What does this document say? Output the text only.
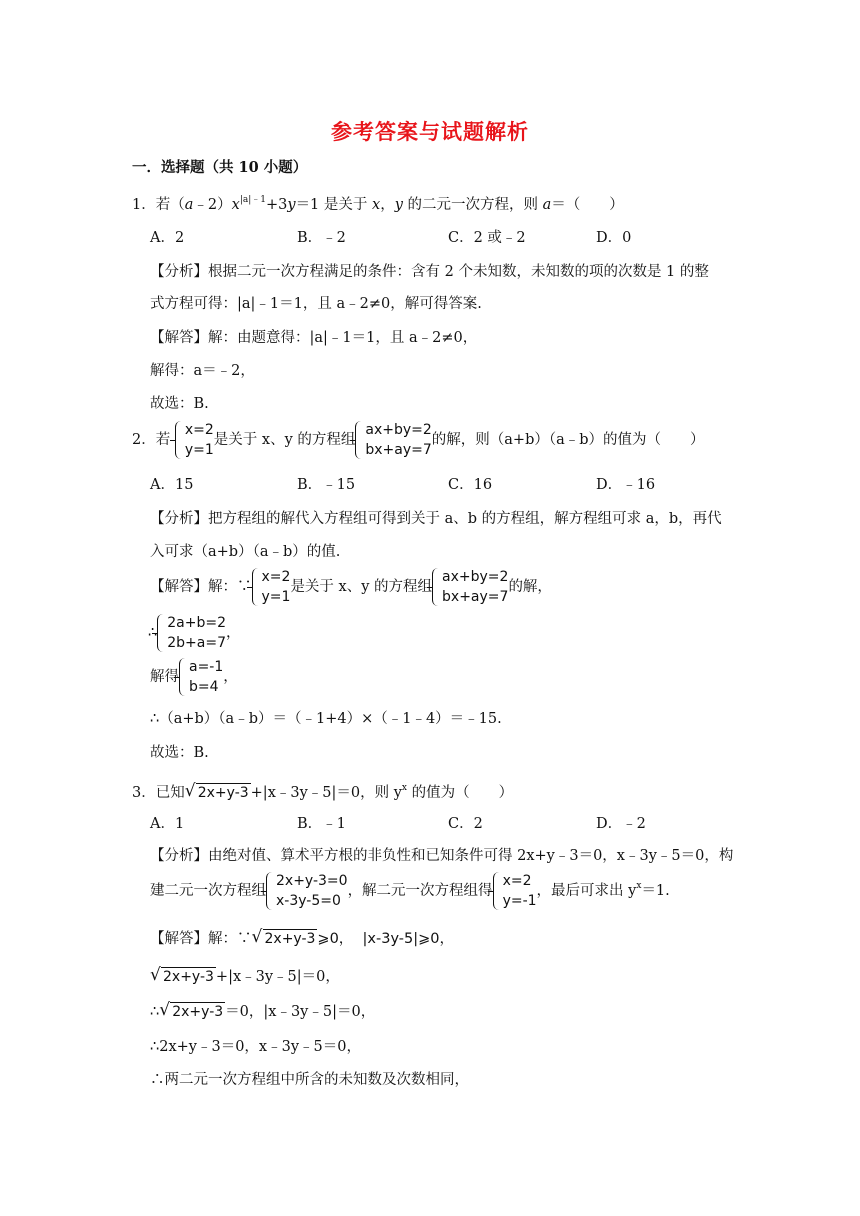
参考答案与试题解析
一．选择题（共 10 小题）
1．若$(a﹣2)x^{|a|﹣1}+3y=1$ 是关于 x，y 的二元一次方程，则 a＝（　　）
A．2	B．﹣2	C．2 或﹣2	D．0
【分析】根据二元一次方程满足的条件：含有 2 个未知数，未知数的项的次数是 1 的整
式方程可得：|a|﹣1＝1，且 a﹣2≠0，解可得答案.
【解答】解：由题意得：|a|﹣1＝1，且 a﹣2≠0，
解得：a＝﹣2，
故选：B.
2．若
x=2
y=1
是关于 x、y 的方程组
ax+by=2
bx+ay=7
的解，则（a+b）（a﹣b）的值为（　　）
A．15	B．﹣15	C．16	D．﹣16
【分析】把方程组的解代入方程组可得到关于 a、b 的方程组，解方程组可求 a，b，再代
入可求（a+b）（a﹣b）的值.
【解答】解：∵
x=2
y=1
是关于 x、y 的方程组
ax+by=2
bx+ay=7
的解，
∴
2a+b=2
2b+a=7
，
解得
a=-1
b=4
，
∴（a+b）（a﹣b）＝（﹣1+4）×（﹣1﹣4）＝﹣15.
故选：B.
3．已知 √ 2x+y-3 +|x﹣3y﹣5|＝0，则 $y^x$ 的值为（　　）
A．1	B．﹣1	C．2	D．﹣2
【分析】由绝对值、算术平方根的非负性和已知条件可得 2x+y﹣3＝0，x﹣3y﹣5＝0，构
建二元一次方程组
2x+y-3=0
x-3y-5=0
，解二元一次方程组得
x=2
y=-1
，最后可求出 $y^x=1$.
【解答】解：∵ √ 2x+y-3 ⩾0， |x-3y-5|⩾0，
√ 2x+y-3 +|x﹣3y﹣5|＝0，
∴ √ 2x+y-3 ＝0，|x﹣3y﹣5|＝0，
∴2x+y﹣3＝0，x﹣3y﹣5＝0，
∴两二元一次方程组中所含的未知数及次数相同，
